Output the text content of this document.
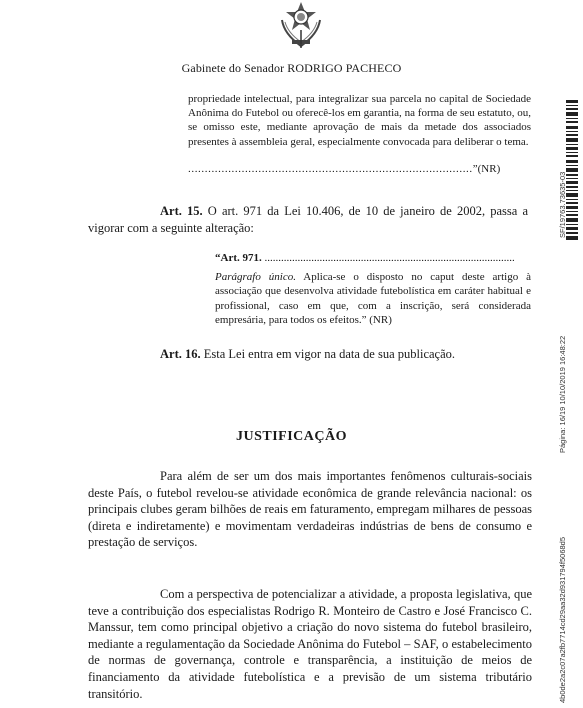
Gabinete do Senador RODRIGO PACHECO
propriedade intelectual, para integralizar sua parcela no capital de Sociedade Anônima do Futebol ou oferecê-los em garantia, na forma de seu estatuto, ou, se omisso este, mediante aprovação de mais da metade dos associados presentes à assembleia geral, especialmente convocada para deliberar o tema.
.....................................................................................”(NR)
Art. 15. O art. 971 da Lei 10.406, de 10 de janeiro de 2002, passa a vigorar com a seguinte alteração:
“Art. 971. ...........................................................................................
Parágrafo único. Aplica-se o disposto no caput deste artigo à associação que desenvolva atividade futebolística em caráter habitual e profissional, caso em que, com a inscrição, será considerada empresária, para todos os efeitos.” (NR)
Art. 16. Esta Lei entra em vigor na data de sua publicação.
JUSTIFICAÇÃO
Para além de ser um dos mais importantes fenômenos culturais-sociais deste País, o futebol revelou-se atividade econômica de grande relevância nacional: os principais clubes geram bilhões de reais em faturamento, empregam milhares de pessoas (direta e indiretamente) e movimentam verdadeiras indústrias de bens de consumo e prestação de serviços.
Com a perspectiva de potencializar a atividade, a proposta legislativa, que teve a contribuição dos especialistas Rodrigo R. Monteiro de Castro e José Francisco C. Manssur, tem como principal objetivo a criação do novo sistema do futebol brasileiro, mediante a regulamentação da Sociedade Anônima do Futebol – SAF, o estabelecimento de normas de governança, controle e transparência, a instituição de meios de financiamento da atividade futebolística e a previsão de um sistema tributário transitório.
SF/19763.73635-03
Página: 16/19 10/10/2019 16:48:22
4b0de2a2c07a2fb7714cd29aa32d931794f5068d5
